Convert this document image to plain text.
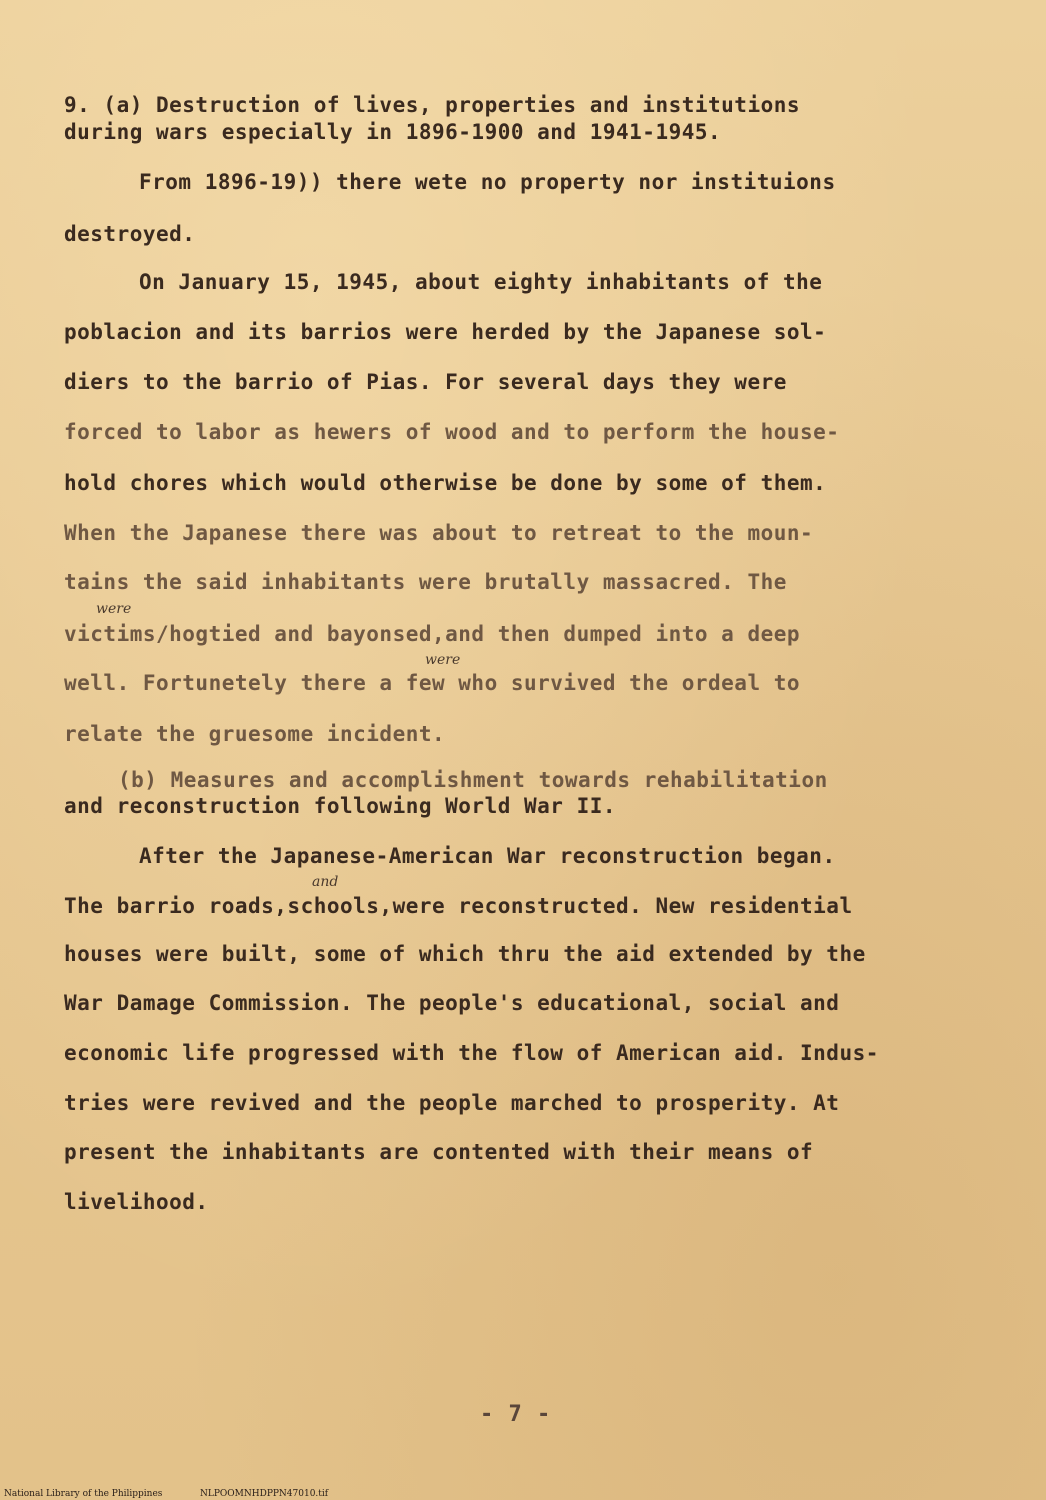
9. (a) Destruction of lives, properties and institutions
during wars especially in 1896-1900 and 1941-1945.
From 1896-19)) there wete no property nor instituions
destroyed.
On January 15, 1945, about eighty inhabitants of the
poblacion and its barrios were herded by the Japanese sol-
diers to the barrio of Pias. For several days they were
forced to labor as hewers of wood and to perform the house-
hold chores which would otherwise be done by some of them.
When the Japanese there was about to retreat to the moun-
tains the said inhabitants were brutally massacred. The
were
victims/hogtied and bayonsed,and then dumped into a deep
were
well. Fortunetely there a few who survived the ordeal to
relate the gruesome incident.
(b) Measures and accomplishment towards rehabilitation
and reconstruction following World War II.
After the Japanese-American War reconstruction began.
and
The barrio roads,schools,were reconstructed. New residential
houses were built, some of which thru the aid extended by the
War Damage Commission. The people's educational, social and
economic life progressed with the flow of American aid. Indus-
tries were revived and the people marched to prosperity. At
present the inhabitants are contented with their means of
livelihood.
- 7 -
National Library of the Philippines	NLPOOMNHDPPN47010.tif
